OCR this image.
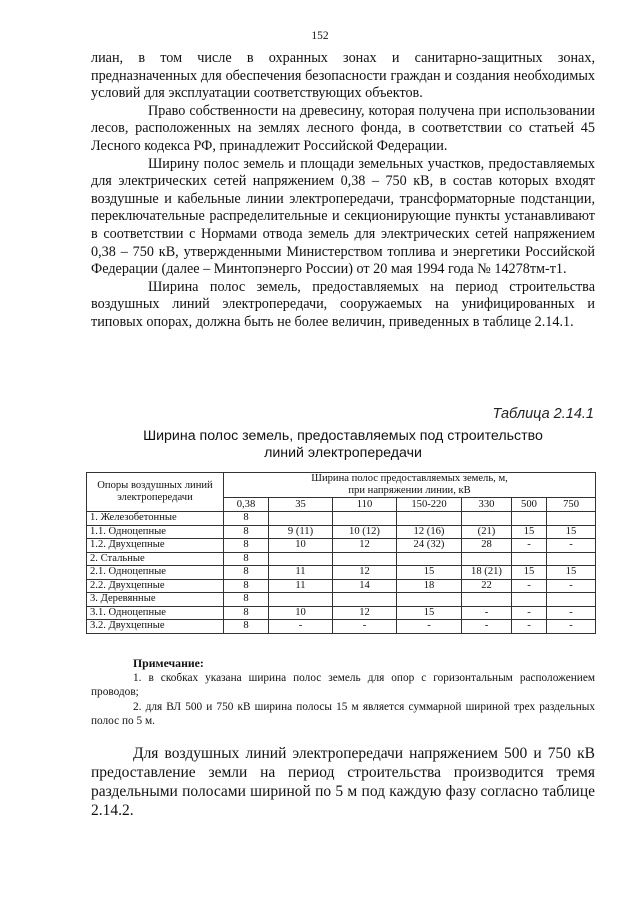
152

лиан, в том числе в охранных зонах и санитарно-защитных зонах, предназначенных для обеспечения безопасности граждан и создания необходимых условий для эксплуатации соответствующих объектов.

Право собственности на древесину, которая получена при использовании лесов, расположенных на землях лесного фонда, в соответствии со статьей 45 Лесного кодекса РФ, принадлежит Российской Федерации.

Ширину полос земель и площади земельных участков, предоставляемых для электрических сетей напряжением 0,38 – 750 кВ, в состав которых входят воздушные и кабельные линии электропередачи, трансформаторные подстанции, переключательные распределительные и секционирующие пункты устанавливают в соответствии с Нормами отвода земель для электрических сетей напряжением 0,38 – 750 кВ, утвержденными Министерством топлива и энергетики Российской Федерации (далее – Минтопэнерго России) от 20 мая 1994 года № 14278тм-т1.

Ширина полос земель, предоставляемых на период строительства воздушных линий электропередачи, сооружаемых на унифицированных и типовых опорах, должна быть не более величин, приведенных в таблице 2.14.1.

Таблица 2.14.1
Ширина полос земель, предоставляемых под строительство
линий электропередачи
Опоры воздушных линий электропередачи	Ширина полос предоставляемых земель, м,
при напряжении линии, кВ						

	0,38	35	110	150-220	330	500	750
1. Железобетонные	8						
1.1. Одноцепные	8	9 (11)	10 (12)	12 (16)	(21)	15	15
1.2. Двухцепные	8	10	12	24 (32)	28	-	-
2. Стальные	8						
2.1. Одноцепные	8	11	12	15	18 (21)	15	15
2.2. Двухцепные	8	11	14	18	22	-	-
3. Деревянные	8						
3.1. Одноцепные	8	10	12	15	-	-	-
3.2. Двухцепные	8	-	-	-	-	-	-
Примечание:

1. в скобках указана ширина полос земель для опор с горизонтальным расположением проводов;

2. для ВЛ 500 и 750 кВ ширина полосы 15 м является суммарной шириной трех раздельных полос по 5 м.

Для воздушных линий электропередачи напряжением 500 и 750 кВ предоставление земли на период строительства производится тремя раздельными полосами шириной по 5 м под каждую фазу согласно таблице 2.14.2.
